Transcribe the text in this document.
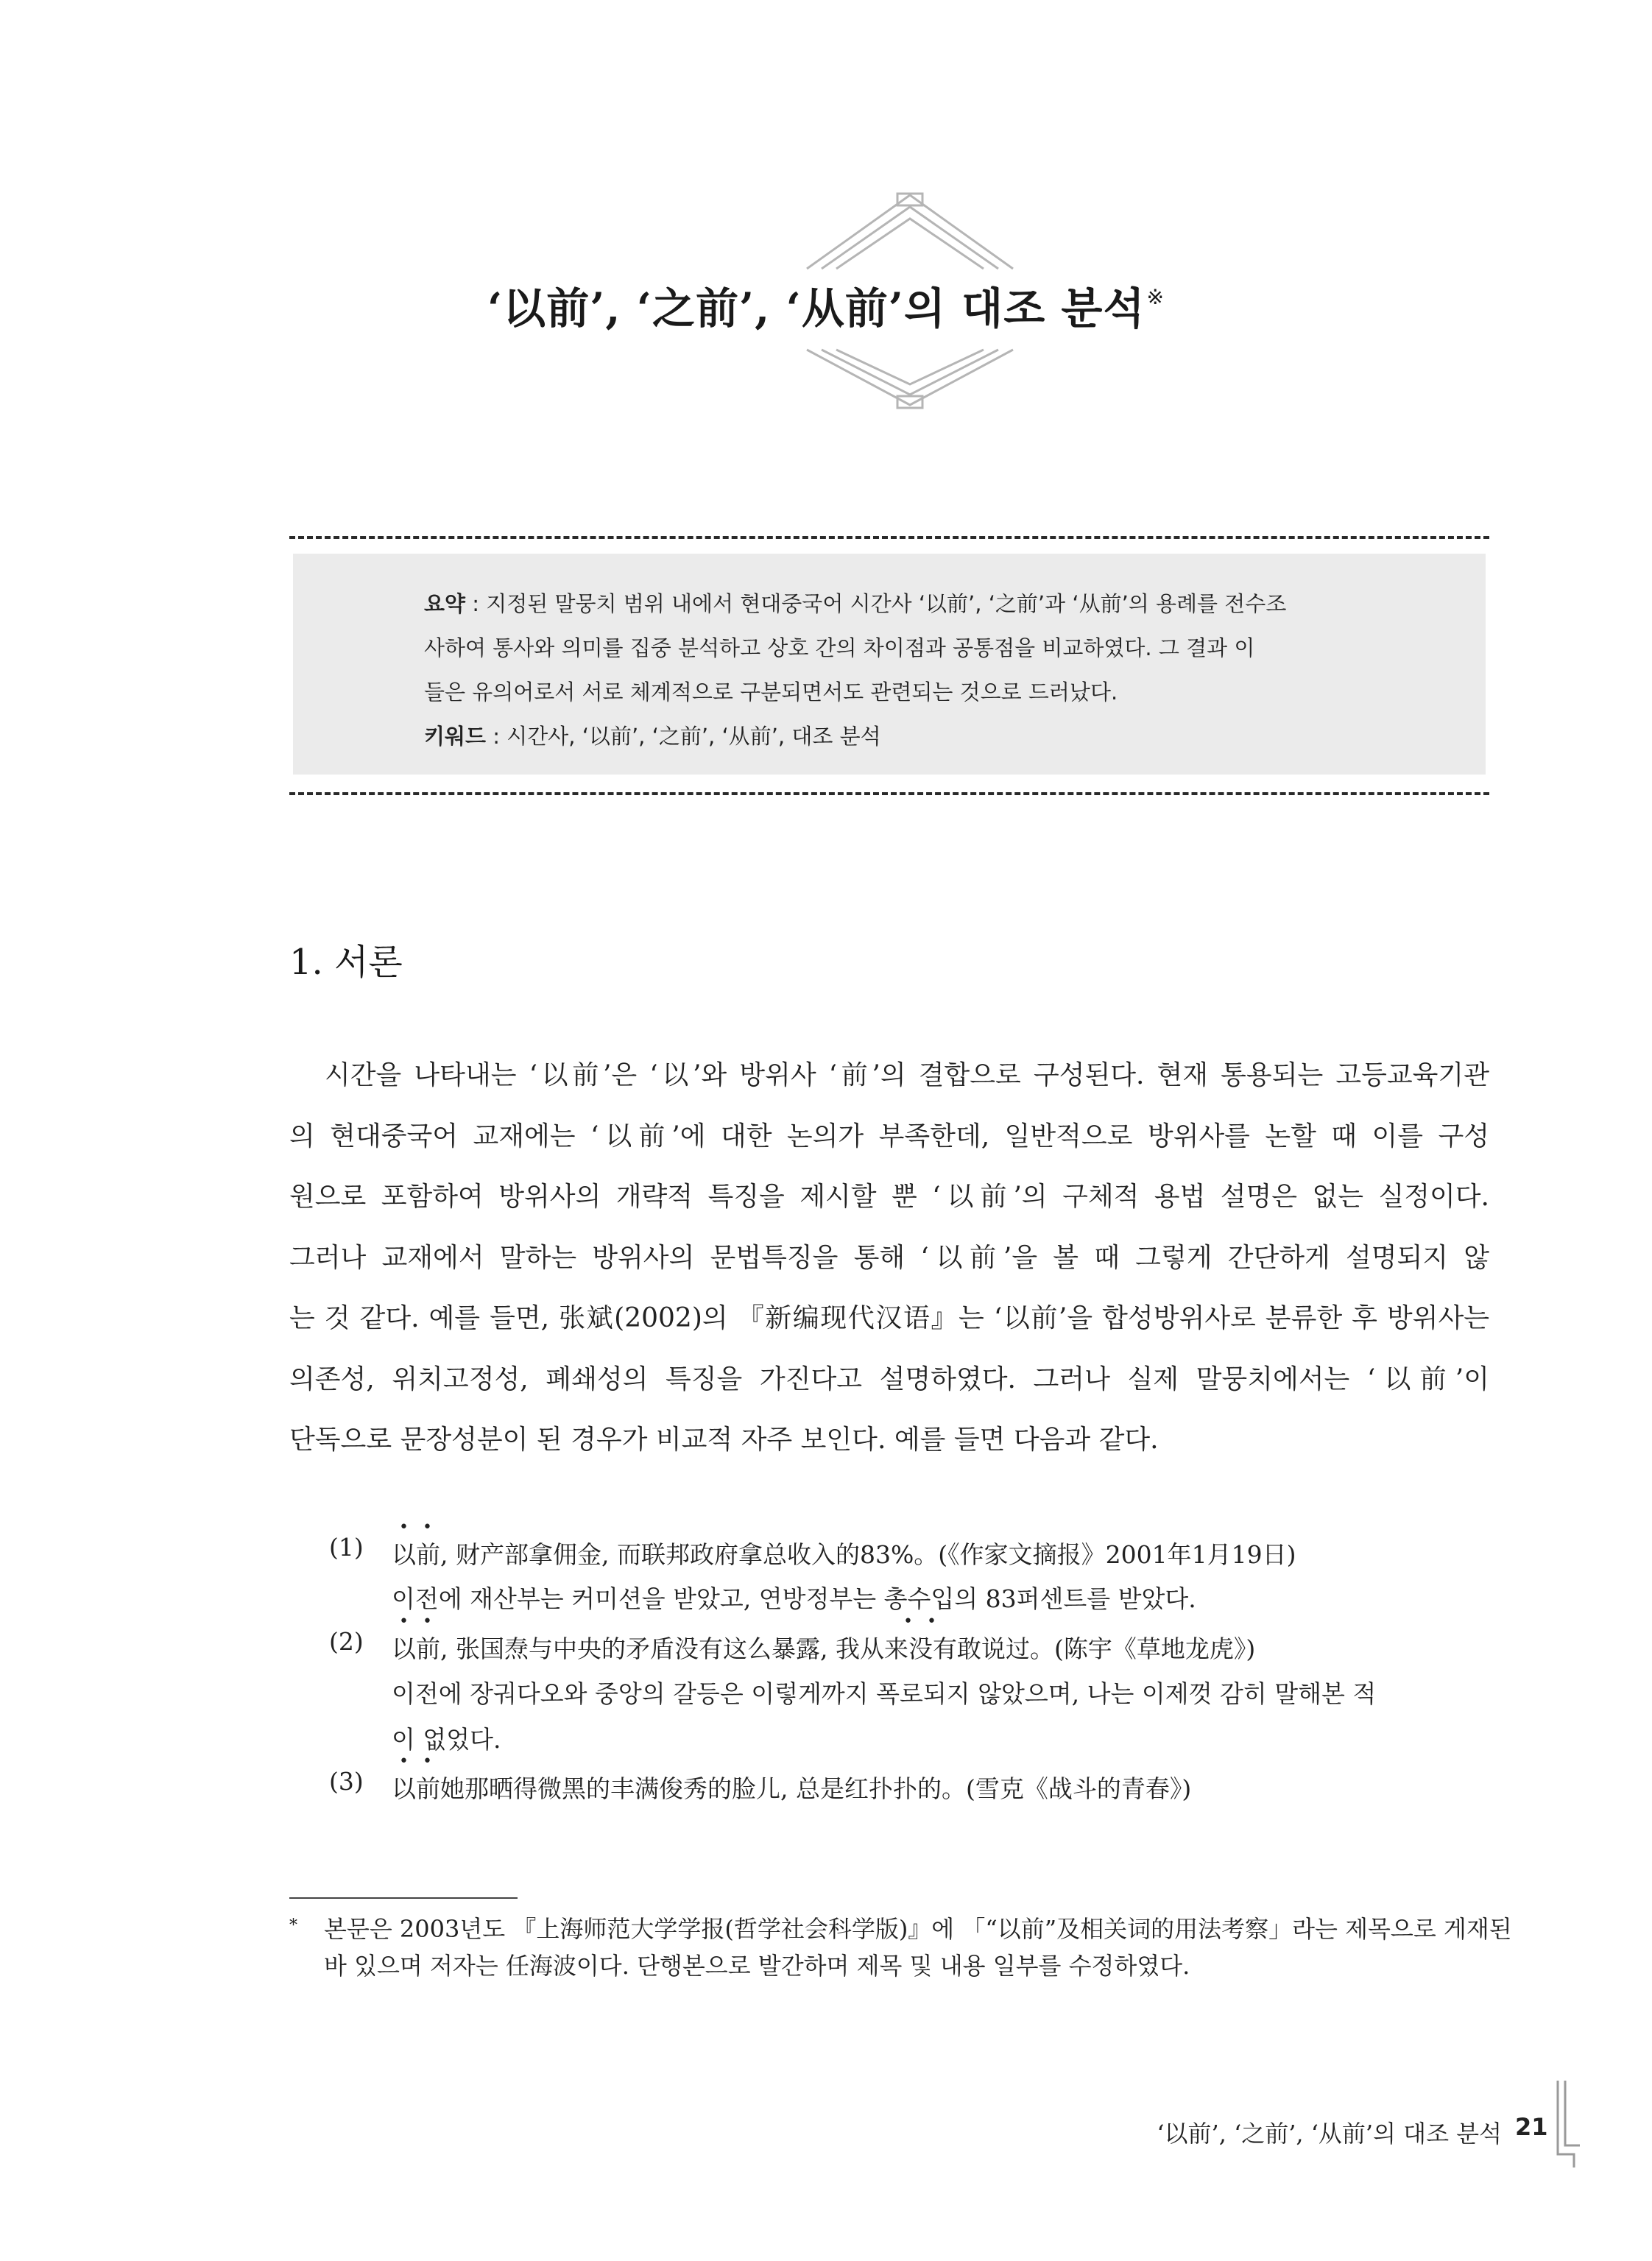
‘以前’, ‘之前’, ‘从前’의 대조 분석※
요약 : 지정된 말뭉치 범위 내에서 현대중국어 시간사 ‘以前’, ‘之前’과 ‘从前’의 용례를 전수조
사하여 통사와 의미를 집중 분석하고 상호 간의 차이점과 공통점을 비교하였다. 그 결과 이
들은 유의어로서 서로 체계적으로 구분되면서도 관련되는 것으로 드러났다.
키워드 : 시간사, ‘以前’, ‘之前’, ‘从前’, 대조 분석
1. 서론
시간을 나타내는 ‘以前’은 ‘以’와 방위사 ‘前’의 결합으로 구성된다. 현재 통용되는 고등교육기관
의 현대중국어 교재에는 ‘以前’에 대한 논의가 부족한데, 일반적으로 방위사를 논할 때 이를 구성
원으로 포함하여 방위사의 개략적 특징을 제시할 뿐 ‘以前’의 구체적 용법 설명은 없는 실정이다.
그러나 교재에서 말하는 방위사의 문법특징을 통해 ‘以前’을 볼 때 그렇게 간단하게 설명되지 않
는 것 같다. 예를 들면, 张斌(2002)의 『新编现代汉语』는 ‘以前’을 합성방위사로 분류한 후 방위사는
의존성, 위치고정성, 폐쇄성의 특징을 가진다고 설명하였다. 그러나 실제 말뭉치에서는 ‘以前’이
단독으로 문장성분이 된 경우가 비교적 자주 보인다. 예를 들면 다음과 같다.
(1)
• •
以前, 财产部拿佣金, 而联邦政府拿总收入的83%。(《作家文摘报》2001年1月19日)
이전에 재산부는 커미션을 받았고, 연방정부는 총수입의 83퍼센트를 받았다.
(2)
• •	• •
以前, 张国焘与中央的矛盾没有这么暴露, 我从来没有敢说过。(陈宇《草地龙虎》)
이전에 장궈다오와 중앙의 갈등은 이렇게까지 폭로되지 않았으며, 나는 이제껏 감히 말해본 적
이 없었다.
(3)
• •
以前她那晒得微黑的丰满俊秀的脸儿, 总是红扑扑的。(雪克《战斗的青春》)
*	본문은 2003년도 『上海师范大学学报(哲学社会科学版)』에 「“以前”及相关词的用法考察」라는 제목으로 게재된
바 있으며 저자는 任海波이다. 단행본으로 발간하며 제목 및 내용 일부를 수정하였다.
‘以前’, ‘之前’, ‘从前’의 대조 분석 21
